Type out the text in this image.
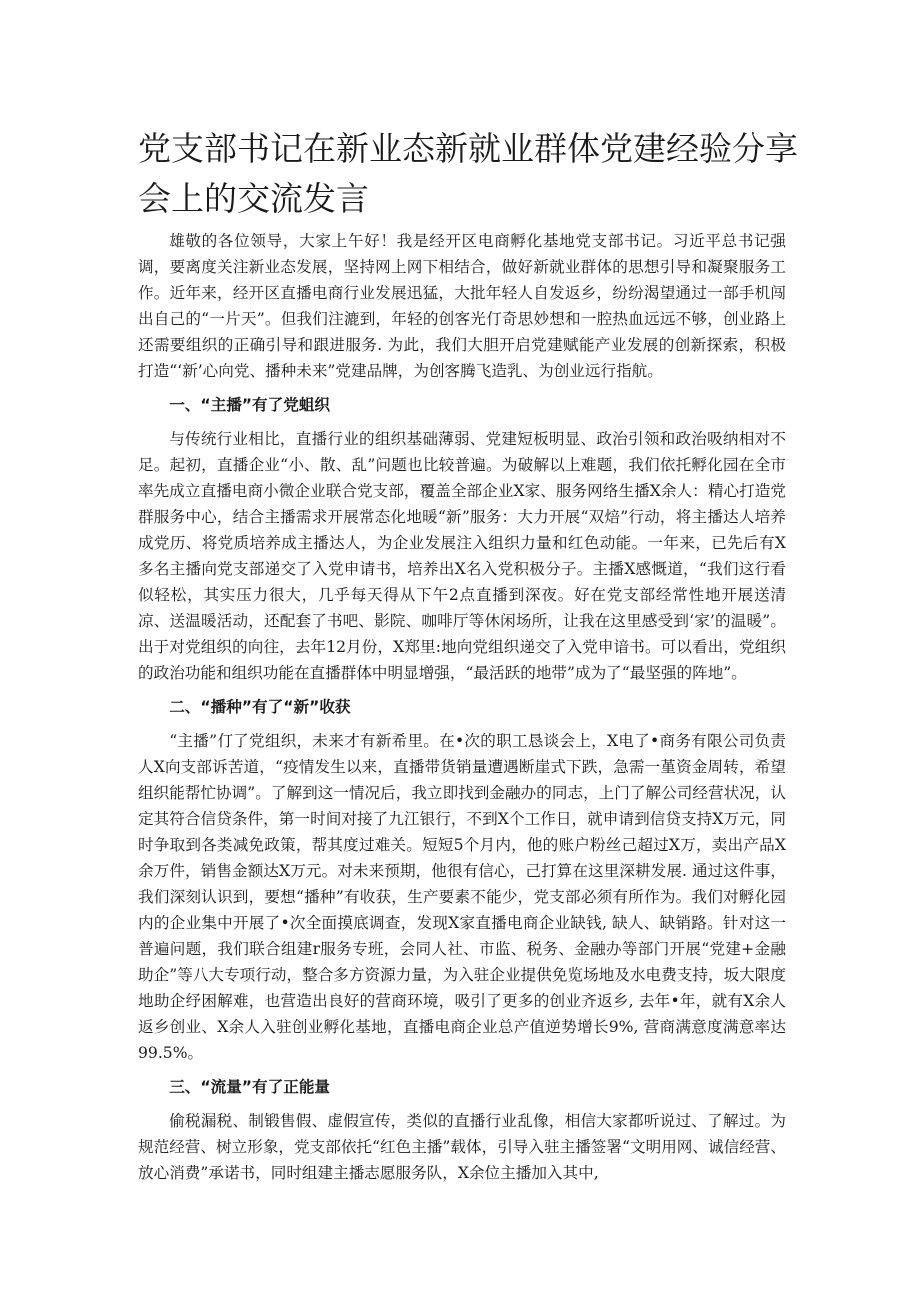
党支部书记在新业态新就业群体党建经验分享会上的交流发言

雄敬的各位领导，大家上午好！我是经开区电商孵化基地党支部书记。习近平总书记强调，要离度关注新业态发展，坚持网上网下相结合，做好新就业群体的思想引导和凝聚服务工作。近年来，经开区直播电商行业发展迅猛，大批年轻人自发返乡，纷纷渴望通过一部手机闯出自己的“一片天”。但我们注漉到，年轻的创客光仃奇思妙想和一腔热血远远不够，创业路上还需要组织的正确引导和跟进服务. 为此，我们大胆开启党建赋能产业发展的创新探索，积极打造“‘新’心向党、播种未来”党建品牌，为创客腾飞造乳、为创业远行指航。

一、“主播”有了党蛆织

与传统行业相比，直播行业的组织基础薄弱、党建短板明显、政治引领和政治吸纳相对不足。起初，直播企业“小、散、乱”问题也比较普遍。为破解以上难题，我们依托孵化园在全市率先成立直播电商小微企业联合党支部，覆盖全部企业X家、服务网络生播X余人：精心打造党群服务中心，结合主播需求开展常态化地暖“新”服务：大力开展“双焙”行动，将主播达人培养成党历、将党质培养成主播达人，为企业发展注入组织力量和红色动能。一年来，已先后有X多名主播向党支部递交了入党申请书，培养出X名入党积极分子。主播X感慨道，“我们这行看似轻松，其实压力很大，几乎每天得从下午2点直播到深夜。好在党支部经常性地开展送清凉、送温暖活动，还配套了书吧、影院、咖啡厅等休闲场所，让我在这里感受到‘家’的温暖”。出于对党组织的向往，去年12月份，X郑里:地向党组织递交了入党申谙书。可以看出，党组织的政治功能和组织功能在直播群体中明显增强，“最活跃的地带”成为了“最坚强的阵地”。

二、“播种”有了“新”收获

“主播”仃了党组织，未来才有新希里。在•次的职工恳谈会上，X电了•商务有限公司负责人X向支部诉苦道，“疫情发生以来，直播带货销量遭遇断崖式下跌，急需一堇资金周转，希望组织能帮忙协调”。了解到这一情况后，我立即找到金融办的同志，上门了解公司经营状况，认定其符合信贷条件，第一时间对接了九江银行，不到X个工作日，就申请到信贷支持X万元，同时争取到各类减免政策，帮其度过难关。短短5个月内，他的账户粉丝己超过X万，卖出产品X余万件，销售金额达X万元。对未来预期，他很有信心，己打算在这里深耕发展. 通过这件事，我们深刻认识到，要想“播种”有收获，生产要素不能少，党支部必须有所作为。我们对孵化园内的企业集中开展了•次全面摸底调查，发现X家直播电商企业缺钱, 缺人、缺销路。针对这一普遍问题，我们联合组建r服务专班，会同人社、市监、税务、金融办等部门开展“党建+金融助企”等八大专项行动，整合多方资源力量，为入驻企业提供免览场地及水电费支持，坂大限度地助企纾困解难，也营造出良好的营商环境，吸引了更多的创业齐返乡, 去年•年，就有X余人返乡创业、X余人入驻创业孵化基地，直播电商企业总产值逆势增长9%, 营商满意度满意率达99.5%。

三、“流量”有了正能量

偷税漏税、制锻售假、虚假宣传，类似的直播行业乱像，相信大家都听说过、了解过。为规范经营、树立形象，党支部依托“红色主播”载体，引导入驻主播签署“文明用网、诚信经营、放心消费”承诺书，同时组建主播志愿服务队，X余位主播加入其中,
